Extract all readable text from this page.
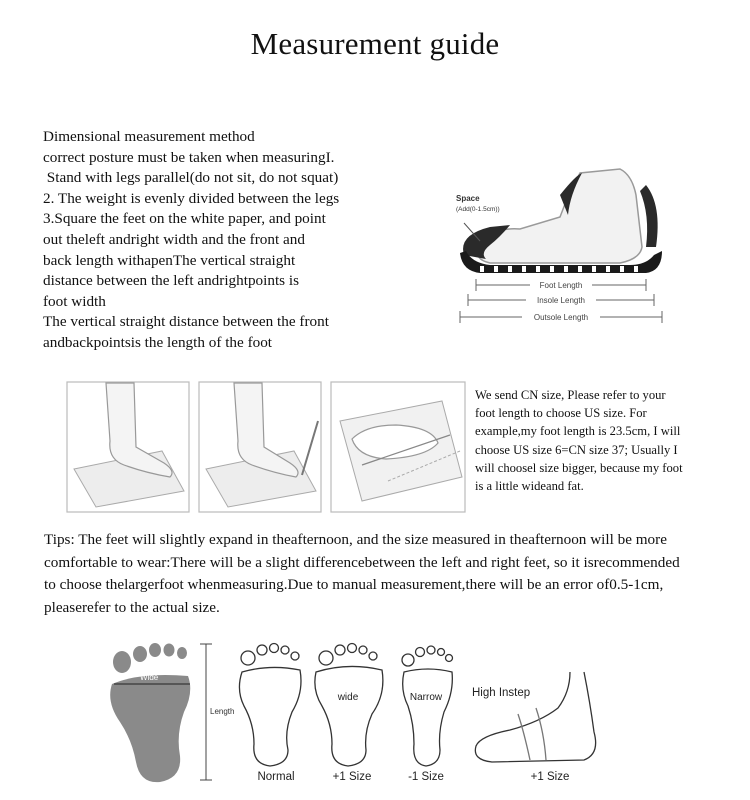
Measurement guide
Dimensional measurement method
correct posture must be taken when measuringI.
Stand with legs parallel(do not sit, do not squat)
2. The weight is evenly divided between the legs
3.Square the feet on the white paper, and point
out theleft andright width and the front and
back length withapenThe vertical straight
distance between the left andrightpoints is
foot width
The vertical straight distance between the front
andbackpointsis the length of the foot
Space
(Add(0-1.5cm))
Foot Length
Insole Length
Outsole Length
We send CN size, Please refer to your
foot length to choose US size. For
example,my foot length is 23.5cm, I will
choose US size 6=CN size 37; Usually I
will choosel size bigger, because my foot
is a little wideand fat.
Tips: The feet will slightly expand in theafternoon, and the size measured in theafternoon will be more
comfortable to wear:There will be a slight differencebetween the left and right feet, so it isrecommended
to choose thelargerfoot whenmeasuring.Due to manual measurement,there will be an error of0.5-1cm,
pleaserefer to the actual size.
Wide
Length
Normal
wide
+1 Size
Narrow
-1 Size
High Instep
+1 Size
